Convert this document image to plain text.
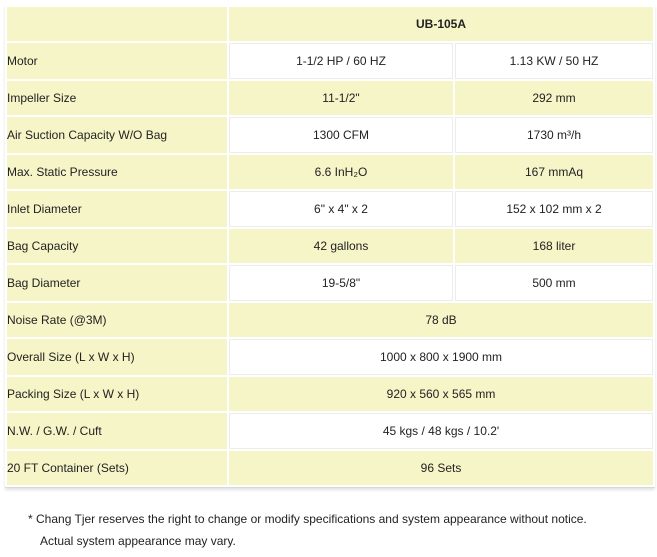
	UB-105A	
Motor	1-1/2 HP / 60 HZ	1.13 KW / 50 HZ
Impeller Size	11-1/2"	292 mm
Air Suction Capacity W/O Bag	1300 CFM	1730 m³/h
Max. Static Pressure	6.6 InH₂O	167 mmAq
Inlet Diameter	6" x 4" x 2	152 x 102 mm x 2
Bag Capacity	42 gallons	168 liter
Bag Diameter	19-5/8"	500 mm
Noise Rate (@3M)	78 dB	
Overall Size (L x W x H)	1000 x 800 x 1900 mm	
Packing Size (L x W x H)	920 x 560 x 565 mm	
N.W. / G.W. / Cuft	45 kgs / 48 kgs / 10.2'	
20 FT Container (Sets)	96 Sets	
* Chang Tjer reserves the right to change or modify specifications and system appearance without notice.
Actual system appearance may vary.
